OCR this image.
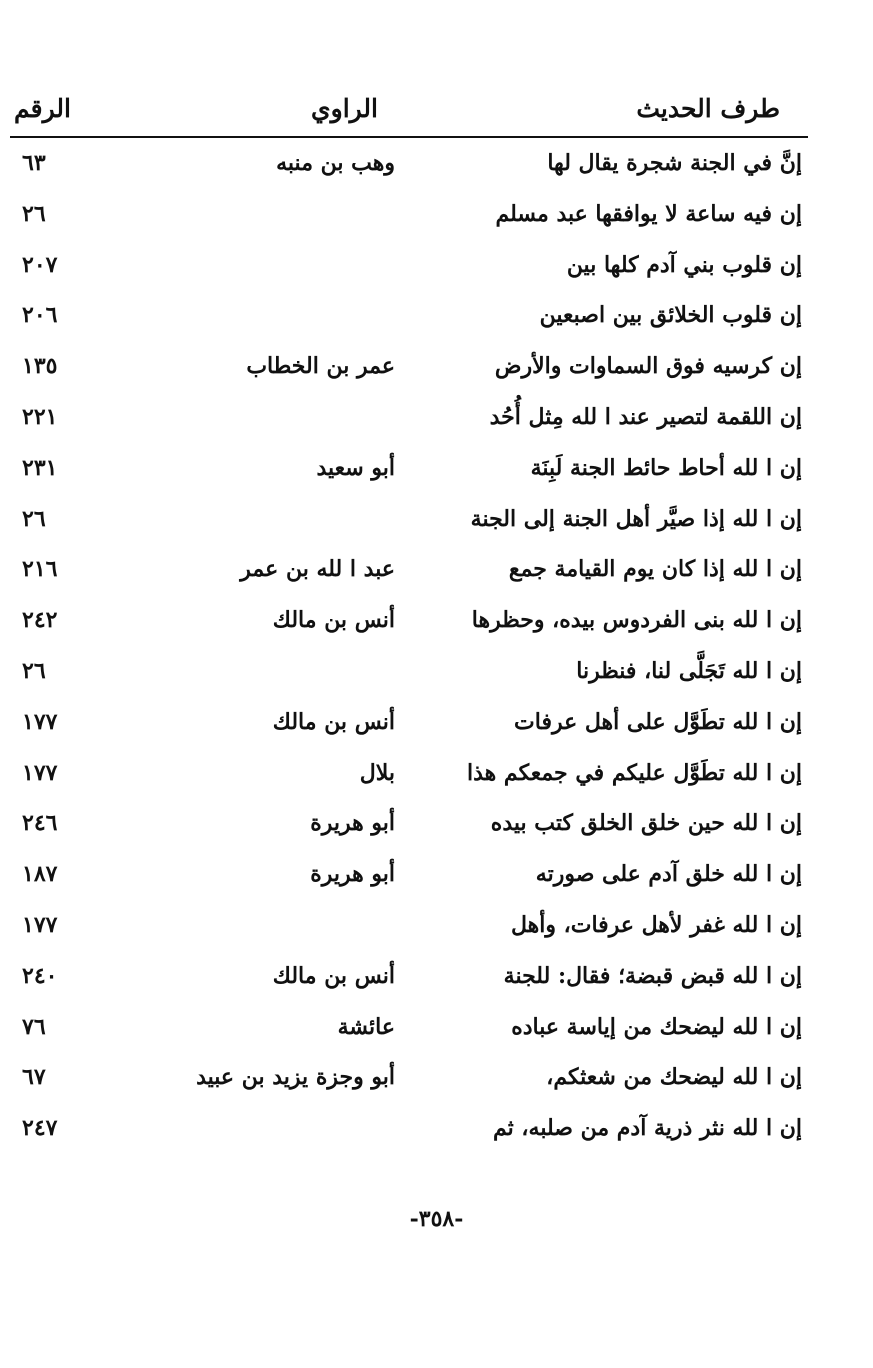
طرف الحديث
الراوي
الرقم
إنَّ في الجنة شجرة يقال لها
وهب بن منبه
٦٣
إن فيه ساعة لا يوافقها عبد مسلم
٢٦
إن قلوب بني آدم كلها بين
٢٠٧
إن قلوب الخلائق بين اصبعين
٢٠٦
إن كرسيه فوق السماوات والأرض
عمر بن الخطاب
١٣٥
إن اللقمة لتصير عند ا لله مِثل أُحُد
٢٢١
إن ا لله أحاط حائط الجنة لَبِنَة
أبو سعيد
٢٣١
إن ا لله إذا صيَّر أهل الجنة إلى الجنة
٢٦
إن ا لله إذا كان يوم القيامة جمع
عبد ا لله بن عمر
٢١٦
إن ا لله بنى الفردوس بيده، وحظرها
أنس بن مالك
٢٤٢
إن ا لله تَجَلَّى لنا، فنظرنا
٢٦
إن ا لله تطَوَّل على أهل عرفات
أنس بن مالك
١٧٧
إن ا لله تطَوَّل عليكم في جمعكم هذا
بلال
١٧٧
إن ا لله حين خلق الخلق كتب بيده
أبو هريرة
٢٤٦
إن ا لله خلق آدم على صورته
أبو هريرة
١٨٧
إن ا لله غفر لأهل عرفات، وأهل
١٧٧
إن ا لله قبض قبضة؛ فقال: للجنة
أنس بن مالك
٢٤٠
إن ا لله ليضحك من إياسة عباده
عائشة
٧٦
إن ا لله ليضحك من شعثكم،
أبو وجزة يزيد بن عبيد
٦٧
إن ا لله نثر ذرية آدم من صلبه، ثم
٢٤٧
-٣٥٨-
